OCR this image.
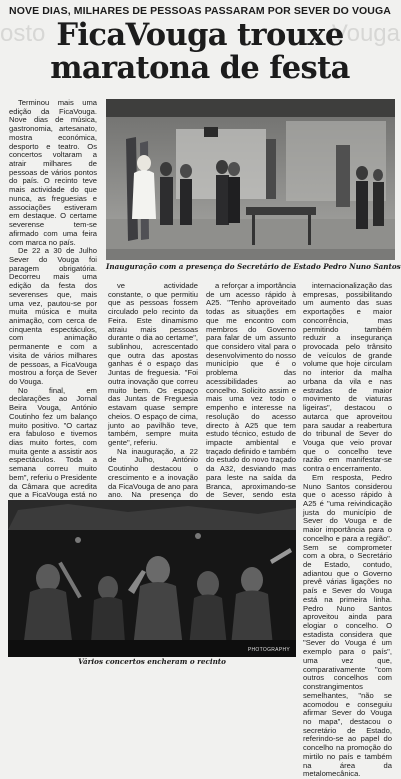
osto	Vouga
NOVE DIAS, MILHARES DE PESSOAS PASSARAM POR SEVER DO VOUGA
FicaVouga trouxe maratona de festa

Terminou mais uma edição da FicaVouga. Nove dias de música, gastronomia, artesanato, mostra económica, desporto e teatro. Os concertos voltaram a atrair milhares de pessoas de vários pontos do país. O recinto teve mais actividade do que nunca, as freguesias e associações estiveram em destaque. O certame severense tem-se afirmado com uma feira com marca no país.

De 22 a 30 de Julho Sever do Vouga foi paragem obrigatória. Decorreu mais uma edição da festa dos severenses que, mais uma vez, pautou-se por muita música e muita animação, com cerca de cinquenta espectáculos, com animação permanente e com a visita de vários milhares de pessoas, a FicaVouga mostrou a força de Sever do Vouga.

No final, em declarações ao Jornal Beira Vouga, António Coutinho fez um balanço muito positivo. "O cartaz era fabuloso e tivemos dias muito fortes, com muita gente a assistir aos espectáculos. Toda a semana correu muito bem", referiu o Presidente da Câmara que acredita que a FicaVouga está no

Inauguração com a presença do Secretário de Estado Pedro Nuno Santos

ve actividade constante, o que permitiu que as pessoas fossem circulado pelo recinto da Feira. Este dinamismo atraiu mais pessoas durante o dia ao certame", sublinhou, acrescentado que outra das apostas ganhas é o espaço das Juntas de freguesia. "Foi outra inovação que correu muito bem. Os espaço das Juntas de Freguesia estavam quase sempre cheios. O espaço de cima, junto ao pavilhão teve, também, sempre muita gente", referiu.

Na inauguração, a 22 de Julho, António Coutinho destacou o crescimento e a inovação da FicaVouga de ano para ano. Na presença do

a reforçar a importância de um acesso rápido à A25. "Tenho aproveitado todas as situações em que me encontro com membros do Governo para falar de um assunto que considero vital para o desenvolvimento do nosso município que é o problema das acessibilidades ao concelho. Solicito assim e mais uma vez todo o empenho e interesse na resolução do acesso directo à A25 que tem estudo técnico, estudo de impacte ambiental e traçado definido e também do estudo do novo traçado da A32, desviando mas para leste na saída da Branca, aproximando-se de Sever, sendo esta

internacionalização das empresas, possibilitando um aumento das suas exportações e maior concorrência, mas permitindo também reduzir a insegurança provocada pelo trânsito de veículos de grande volume que hoje circulam no interior da malha urbana da vila e nas estradas de maior movimento de viaturas ligeiras", destacou o autarca que aproveitou para saudar a reabertura do tribunal de Sever do Vouga que veio provar que o concelho teve razão em manifestar-se contra o encerramento.

Em resposta, Pedro Nuno Santos considerou que o acesso rápido à A25 é "uma reivindicação justa do município de Sever do Vouga e de maior importância para o concelho e para a região". Sem se comprometer com a obra, o Secretário de Estado, contudo, adiantou que o Governo prevê várias ligações no país e Sever do Vouga está na primeira linha. Pedro Nuno Santos aproveitou ainda para elogiar o concelho. O estadista considera que "Sever do Vouga é um exemplo para o país", uma vez que, comparativamente "com outros concelhos com constrangimentos semelhantes, "não se acomodou e conseguiu afirmar Sever do Vouga no mapa", destacou o secretário de Estado, referindo-se ao papel do concelho na promoção do mirtilo no país e também na área da metalomecânica.

PHOTOGRAPHY
Vários concertos encheram o recinto
